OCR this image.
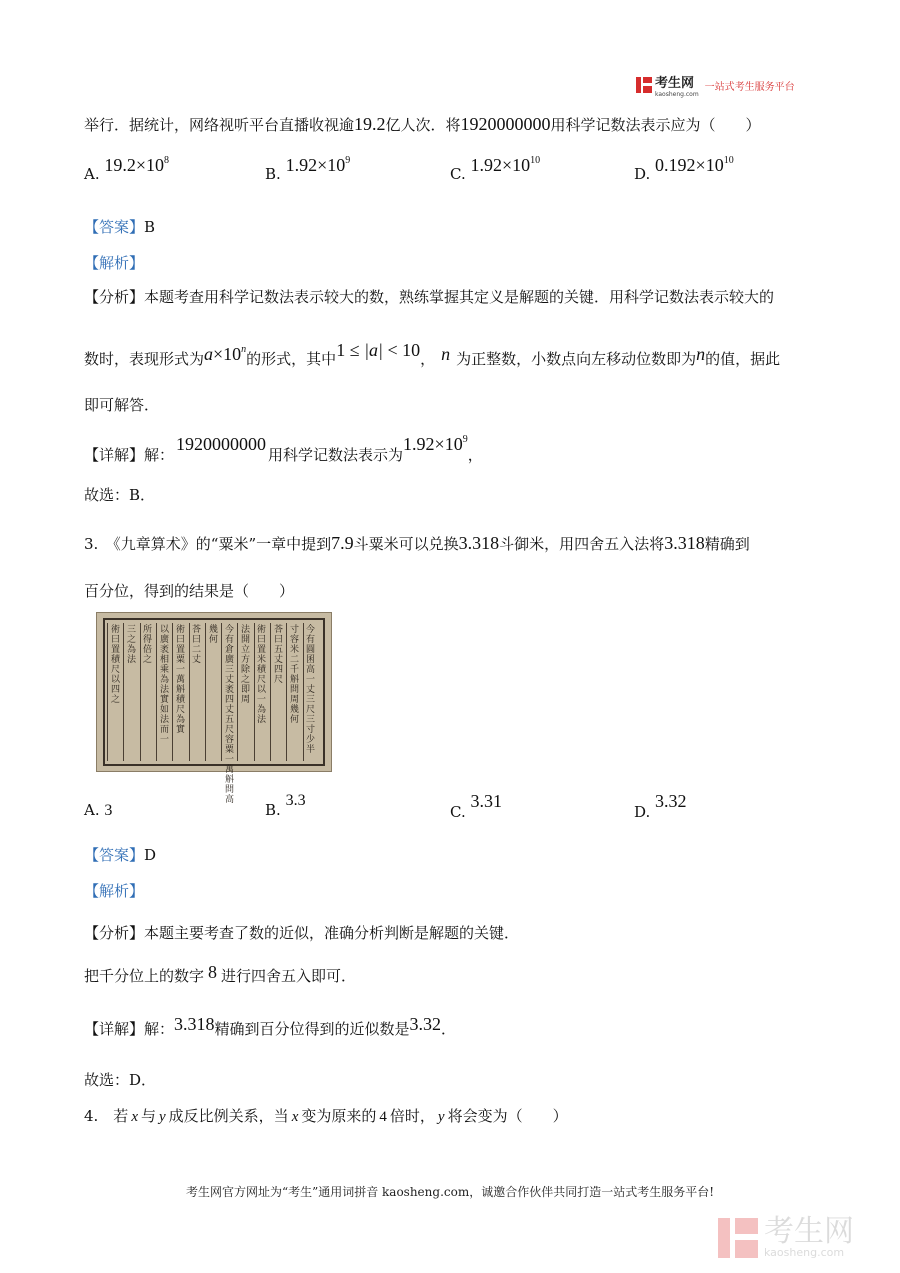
考生网
kaosheng.com
一站式考生服务平台
举行．据统计，网络视听平台直播收视逾19.2亿人次．将1920000000用科学记数法表示应为（　　）
A. $19.2\times 10^8$
B. $1.92\times 10^9$
C. $1.92\times 10^{10}$
D. $0.192\times 10^{10}$
【答案】B
【解析】
【分析】本题考查用科学记数法表示较大的数，熟练掌握其定义是解题的关键．用科学记数法表示较大的
数时，表现形式为$a\times 10^n$的形式，其中1 ≤ |a| < 10， n 为正整数，小数点向左移动位数即为n的值，据此
即可解答．
【详解】解：1920000000用科学记数法表示为$1.92\times 10^9$，
故选：B．
3.　《九章算术》的“粟米”一章中提到7.9斗粟米可以兑换3.318斗御米，用四舍五入法将3.318精确到
百分位，得到的结果是（　　）
今有圓囷高一丈三尺三寸少半
寸容米二千斛問周幾何
荅曰五丈四尺
術曰置米積尺以一為法
法開立方除之即周
今有倉廣三丈袤四丈五尺容粟一萬斛問高
幾何
荅曰二丈
術曰置粟一萬斛積尺為實
以廣袤相乘為法實如法而一
所得倍之
三之為法
術曰置積尺以四之
A. 3	B. 3.3
C. 3.31
D. 3.32
【答案】D
【解析】
【分析】本题主要考查了数的近似，准确分析判断是解题的关键．
把千分位上的数字 8 进行四舍五入即可．
【详解】解：3.318精确到百分位得到的近似数是3.32．
故选：D．
4.　若 x 与 y 成反比例关系，当 x 变为原来的 4 倍时， y 将会变为（　　）
考生网官方网址为“考生”通用词拼音 kaosheng.com，诚邀合作伙伴共同打造一站式考生服务平台!
考生网
kaosheng.com
